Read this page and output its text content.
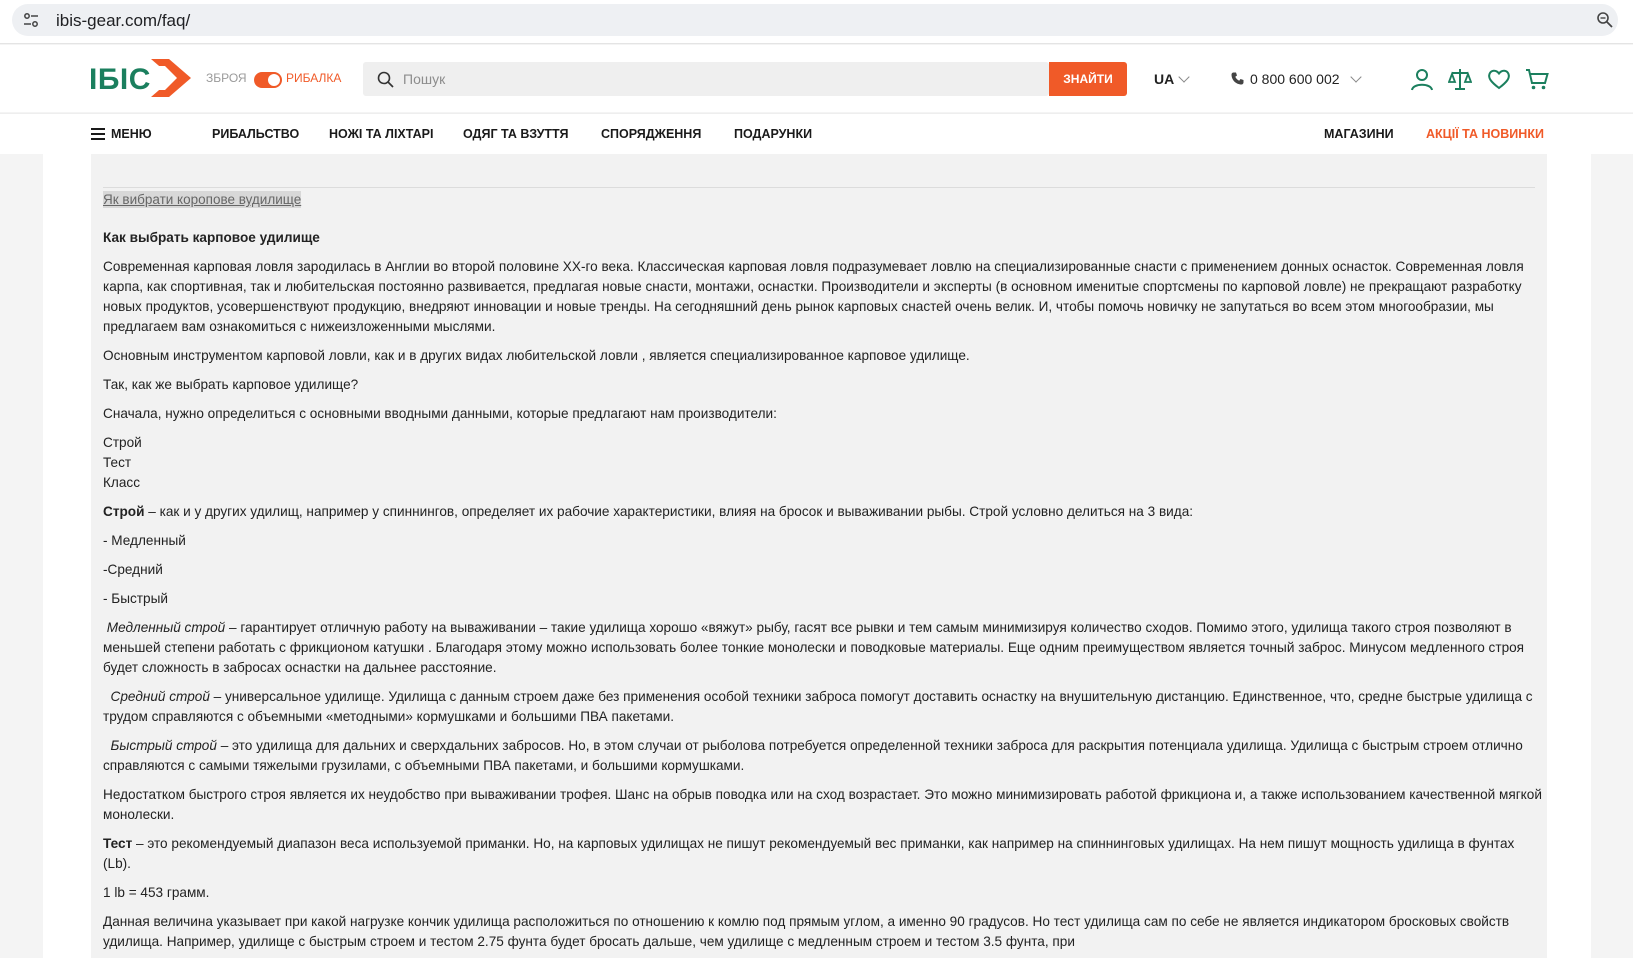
ibis-gear.com/faq/
ІБІС	ЗБРОЯ	РИБАЛКА
Пошук	ЗНАЙТИ	UA	0 800 600 002
МЕНЮ	РИБАЛЬСТВО НОЖІ ТА ЛІХТАРІ ОДЯГ ТА ВЗУТТЯ	СПОРЯДЖЕННЯ	ПОДАРУНКИ	МАГАЗИНИ	АКЦІЇ ТА НОВИНКИ
Як вибрати коропове вудилище
Как выбрать карповое удилище

Современная карповая ловля зародилась в Англии во второй половине ХХ-го века. Классическая карповая ловля подразумевает ловлю на специализированные снасти с применением донных оснасток. Современная ловля карпа, как спортивная, так и любительская постоянно развивается, предлагая новые снасти, монтажи, оснастки. Производители и эксперты (в основном именитые спортсмены по карповой ловле) не прекращают разработку новых продуктов, усовершенствуют продукцию, внедряют инновации и новые тренды. На сегодняшний день рынок карповых снастей очень велик. И, чтобы помочь новичку не запутаться во всем этом многообразии, мы предлагаем вам ознакомиться с нижеизложенными мыслями.

Основным инструментом карповой ловли, как и в других видах любительской ловли , является специализированное карповое удилище.

Так, как же выбрать карповое удилище?

Сначала, нужно определиться с основными вводными данными, которые предлагают нам производители:

Строй
Тест
Класс

Строй – как и у других удилищ, например у спиннингов, определяет их рабочие характеристики, влияя на бросок и вываживании рыбы. Строй условно делиться на 3 вида:

- Медленный

-Средний

- Быстрый

Медленный строй – гарантирует отличную работу на вываживании – такие удилища хорошо «вяжут» рыбу, гасят все рывки и тем самым минимизируя количество сходов. Помимо этого, удилища такого строя позволяют в меньшей степени работать с фрикционом катушки . Благодаря этому можно использовать более тонкие монолески и поводковые материалы. Еще одним преимуществом является точный заброс. Минусом медленного строя будет сложность в забросах оснастки на дальнее расстояние.

Средний строй – универсальное удилище. Удилища с данным строем даже без применения особой техники заброса помогут доставить оснастку на внушительную дистанцию. Единственное, что, средне быстрые удилища с трудом справляются с объемными «методными» кормушками и большими ПВА пакетами.

Быстрый строй – это удилища для дальних и сверхдальних забросов. Но, в этом случаи от рыболова потребуется определенной техники заброса для раскрытия потенциала удилища. Удилища с быстрым строем отлично справляются с самыми тяжелыми грузилами, с объемными ПВА пакетами, и большими кормушками.

Недостатком быстрого строя является их неудобство при вываживании трофея. Шанс на обрыв поводка или на сход возрастает. Это можно минимизировать работой фрикциона и, а также использованием качественной мягкой монолески.

Тест – это рекомендуемый диапазон веса используемой приманки. Но, на карповых удилищах не пишут рекомендуемый вес приманки, как например на спиннинговых удилищах. На нем пишут мощность удилища в фунтах (Lb).

1 lb = 453 грамм.

Данная величина указывает при какой нагрузке кончик удилища расположиться по отношению к комлю под прямым углом, а именно 90 градусов. Но тест удилища сам по себе не является индикатором бросковых свойств удилища. Например, удилище с быстрым строем и тестом 2.75 фунта будет бросать дальше, чем удилище с медленным строем и тестом 3.5 фунта, при
